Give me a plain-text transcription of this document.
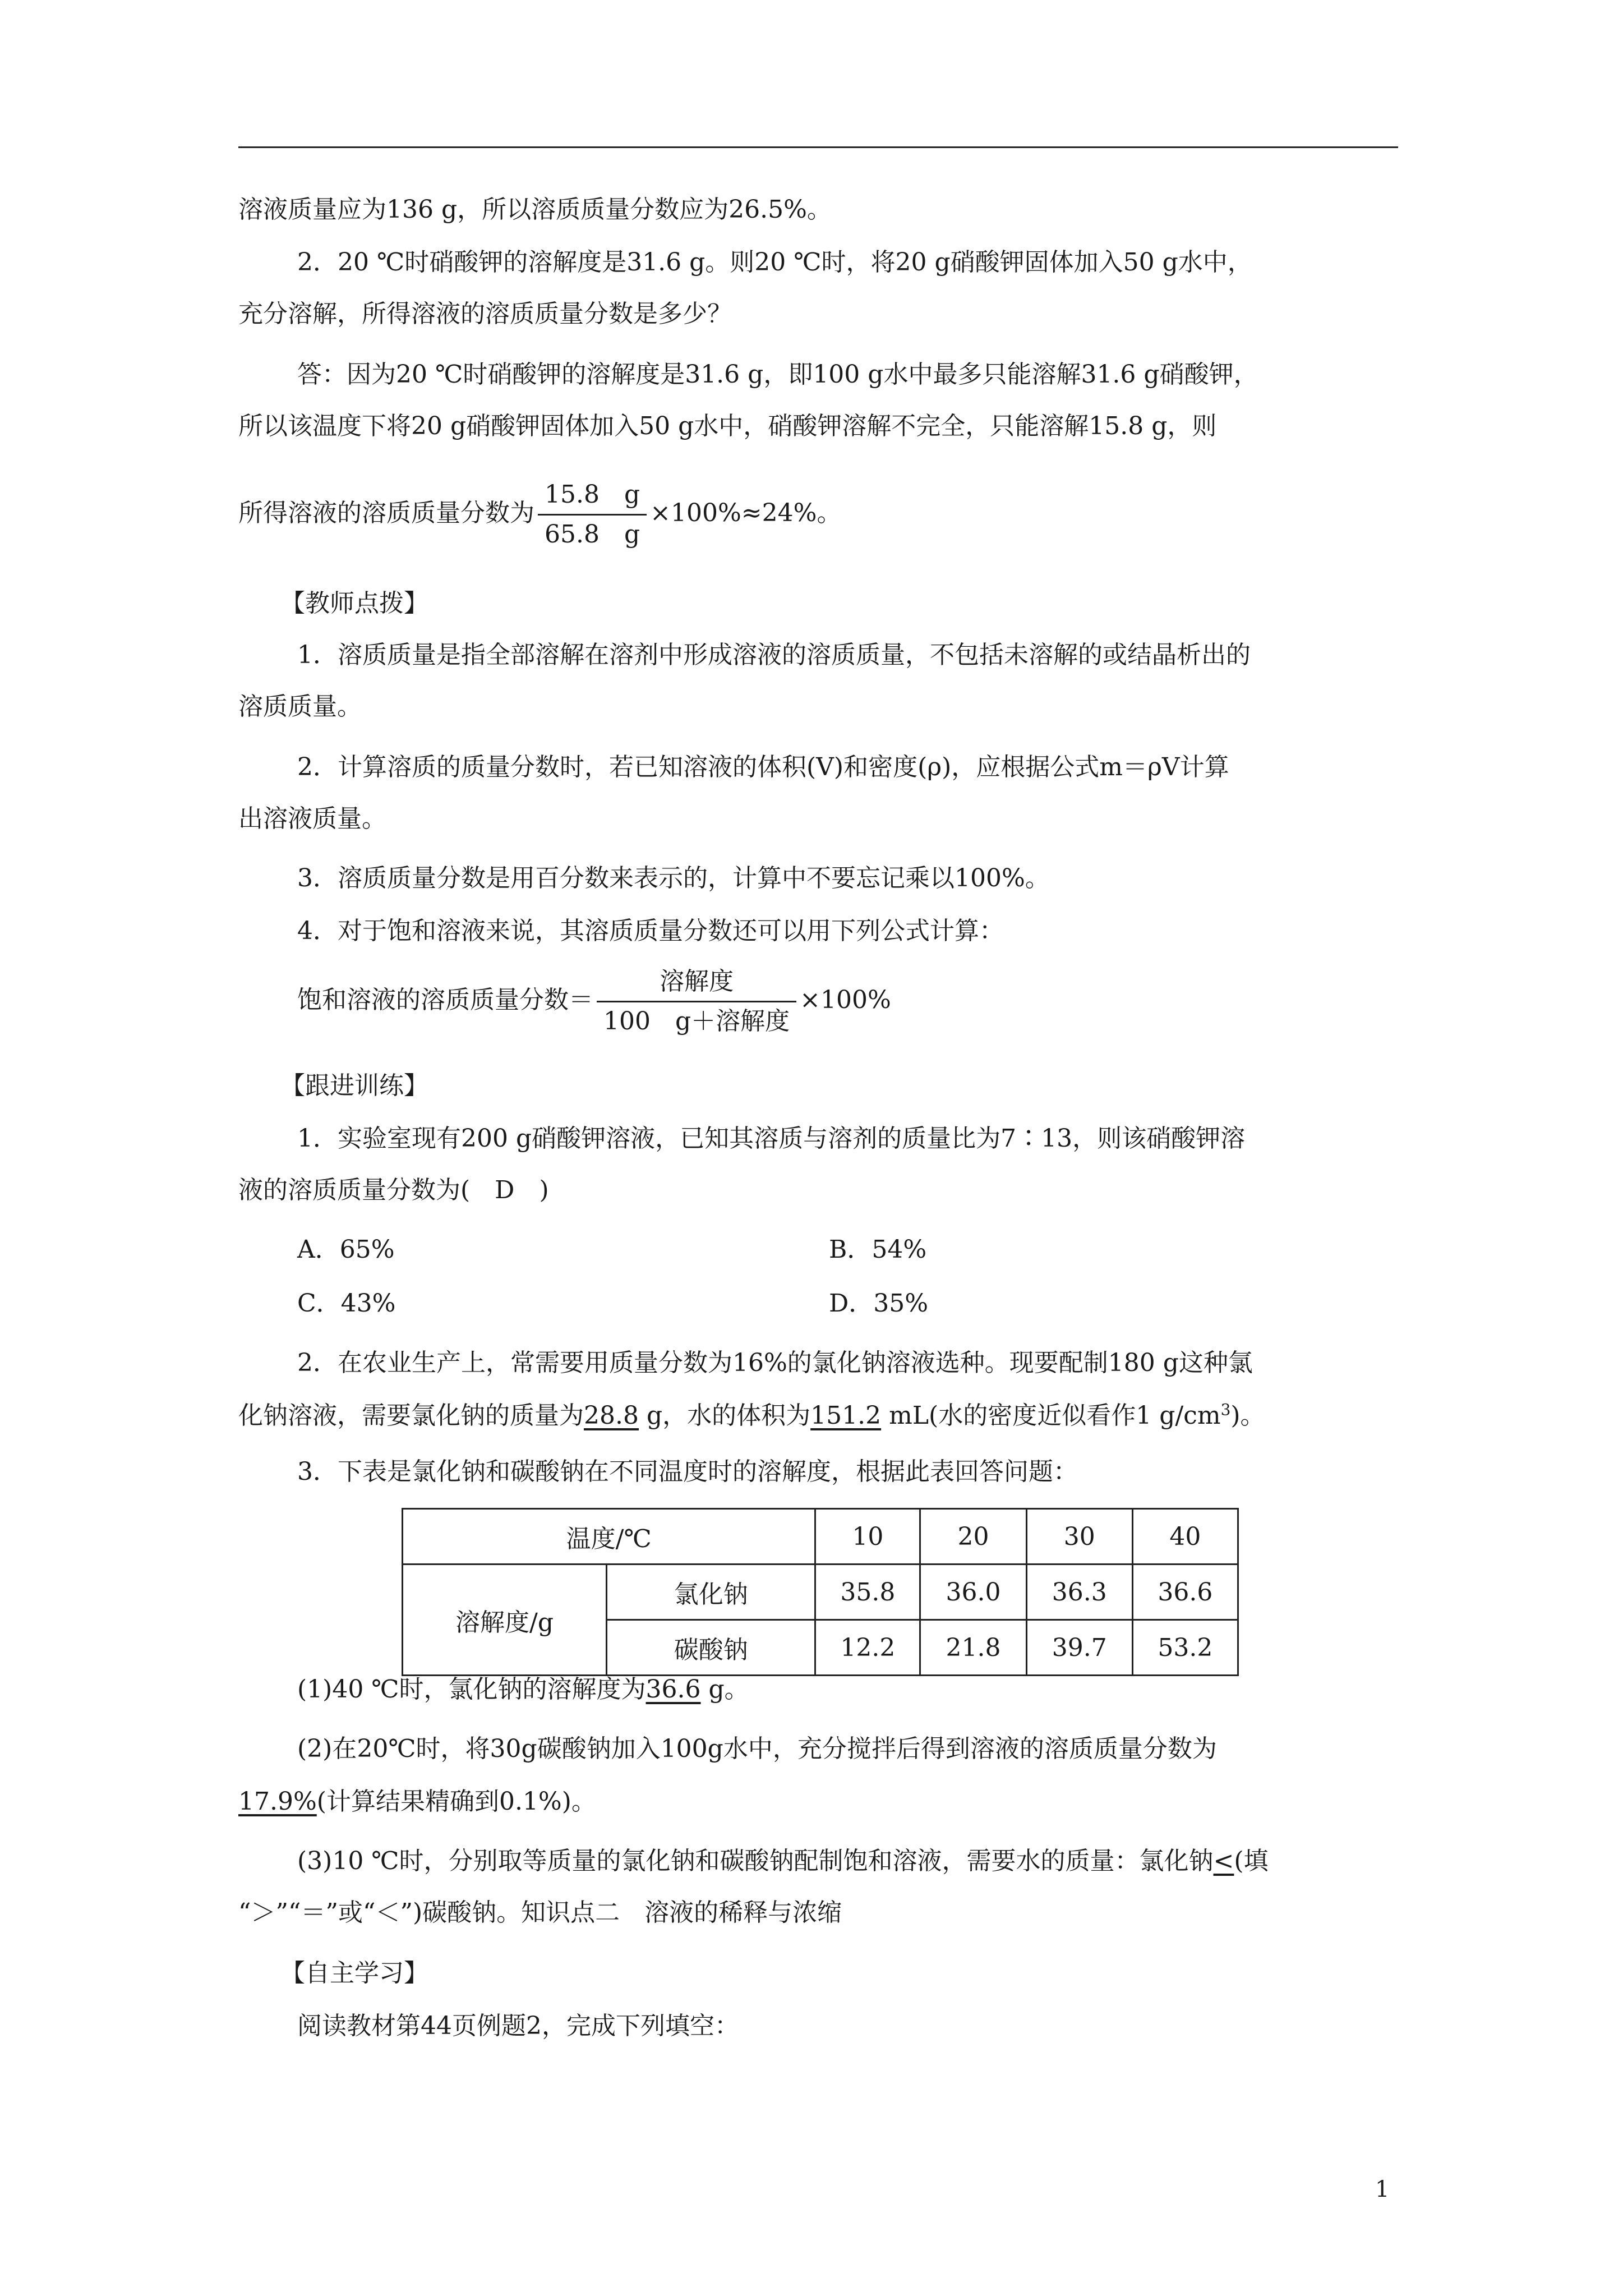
溶液质量应为136 g，所以溶质质量分数应为26.5%。

2．20 ℃时硝酸钾的溶解度是31.6 g。则20 ℃时，将20 g硝酸钾固体加入50 g水中，

充分溶解，所得溶液的溶质质量分数是多少？

答：因为20 ℃时硝酸钾的溶解度是31.6 g，即100 g水中最多只能溶解31.6 g硝酸钾，

所以该温度下将20 g硝酸钾固体加入50 g水中，硝酸钾溶解不完全，只能溶解15.8 g，则

所得溶液的溶质质量分数为 $\frac{15.8 g}{65.8 g} \times 100\%\approx 24\%$。

【教师点拨】

1．溶质质量是指全部溶解在溶剂中形成溶液的溶质质量，不包括未溶解的或结晶析出的

溶质质量。

2．计算溶质的质量分数时，若已知溶液的体积(V)和密度(ρ)，应根据公式m＝ρV计算

出溶液质量。

3．溶质质量分数是用百分数来表示的，计算中不要忘记乘以100%。

4．对于饱和溶液来说，其溶质质量分数还可以用下列公式计算：

饱和溶液的溶质质量分数＝ $\frac{\text{溶解度}}{\text{100　g＋溶解度}} \times 100\%$

【跟进训练】

1．实验室现有200 g硝酸钾溶液，已知其溶质与溶剂的质量比为7∶13，则该硝酸钾溶

液的溶质质量分数为(　D　)

A．65%	B．54%

C．43%	D．35%

2．在农业生产上，常需要用质量分数为16%的氯化钠溶液选种。现要配制180 g这种氯

化钠溶液，需要氯化钠的质量为28.8 g，水的体积为151.2 mL(水的密度近似看作1 $g/cm^3$)。

3．下表是氯化钠和碳酸钠在不同温度时的溶解度，根据此表回答问题：

温度/℃		10	20	30	40
溶解度/g	氯化钠	35.8	36.0	36.3	36.6
	碳酸钠	12.2	21.8	39.7	53.2
(1)40 ℃时，氯化钠的溶解度为36.6 g。

(2)在20℃时，将30g碳酸钠加入100g水中，充分搅拌后得到溶液的溶质质量分数为

17.9%(计算结果精确到0.1%)。
(3)10 ℃时，分别取等质量的氯化钠和碳酸钠配制饱和溶液，需要水的质量：氯化钠<(填

“＞”“＝”或“＜”)碳酸钠。知识点二　溶液的稀释与浓缩

【自主学习】

阅读教材第44页例题2，完成下列填空：

1
